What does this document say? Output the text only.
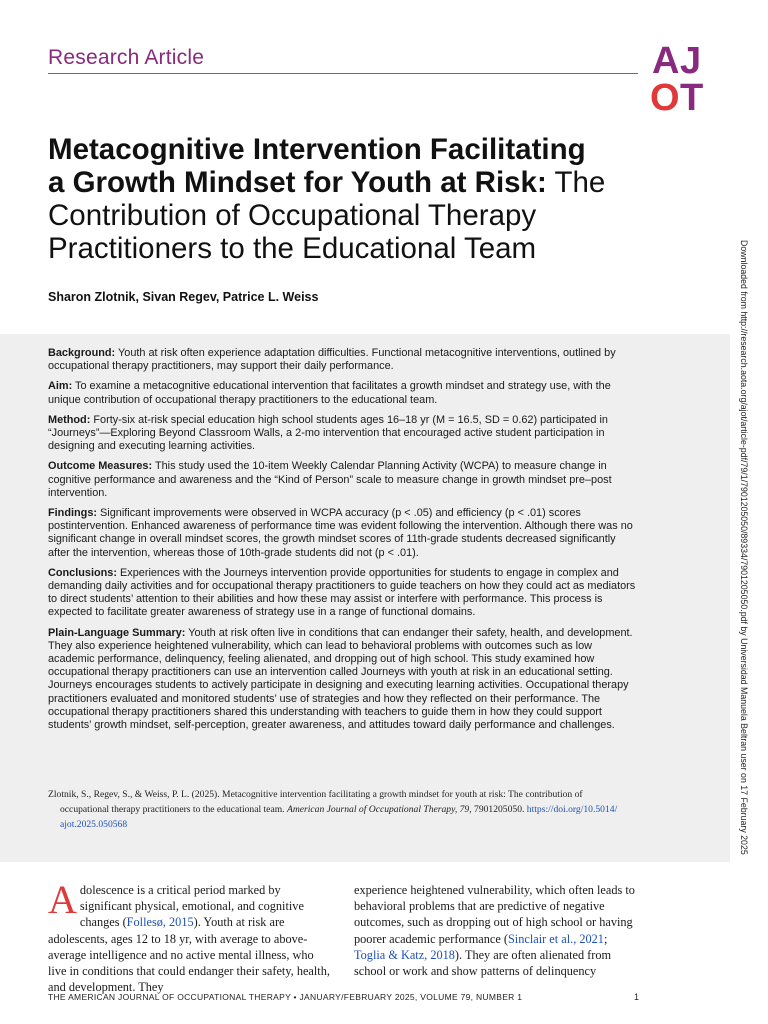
Research Article	A J
O T
Metacognitive Intervention Facilitating
a Growth Mindset for Youth at Risk: The
Contribution of Occupational Therapy
Practitioners to the Educational Team
Sharon Zlotnik, Sivan Regev, Patrice L. Weiss	Downloaded from http://research.aota.org/ajot/article-pdf/79/1/7901205050/89334/7901205050.pdf by Universidad Manuela Beltran user on 17 February 2025

Background: Youth at risk often experience adaptation difficulties. Functional metacognitive interventions, outlined by occupational therapy practitioners, may support their daily performance.

Aim: To examine a metacognitive educational intervention that facilitates a growth mindset and strategy use, with the unique contribution of occupational therapy practitioners to the educational team.

Method: Forty-six at-risk special education high school students ages 16–18 yr (M = 16.5, SD = 0.62) participated in “Journeys”—Exploring Beyond Classroom Walls, a 2-mo intervention that encouraged active student participation in designing and executing learning activities.

Outcome Measures: This study used the 10-item Weekly Calendar Planning Activity (WCPA) to measure change in cognitive performance and awareness and the “Kind of Person” scale to measure change in growth mindset pre–post intervention.

Findings: Significant improvements were observed in WCPA accuracy (p < .05) and efficiency (p < .01) scores postintervention. Enhanced awareness of performance time was evident following the intervention. Although there was no significant change in overall mindset scores, the growth mindset scores of 11th-grade students decreased significantly after the intervention, whereas those of 10th-grade students did not (p < .01).

Conclusions: Experiences with the Journeys intervention provide opportunities for students to engage in complex and demanding daily activities and for occupational therapy practitioners to guide teachers on how they could act as mediators to direct students’ attention to their abilities and how these may assist or interfere with performance. This process is expected to facilitate greater awareness of strategy use in a range of functional domains.

Plain-Language Summary: Youth at risk often live in conditions that can endanger their safety, health, and development. They also experience heightened vulnerability, which can lead to behavioral problems with outcomes such as low academic performance, delinquency, feeling alienated, and dropping out of high school. This study examined how occupational therapy practitioners can use an intervention called Journeys with youth at risk in an educational setting. Journeys encourages students to actively participate in designing and executing learning activities. Occupational therapy practitioners evaluated and monitored students’ use of strategies and how they reflected on their performance. The occupational therapy practitioners shared this understanding with teachers to guide them in how they could support students’ growth mindset, self-perception, greater awareness, and attitudes toward daily performance and challenges.

Zlotnik, S., Regev, S., & Weiss, P. L. (2025). Metacognitive intervention facilitating a growth mindset for youth at risk: The contribution of
occupational therapy practitioners to the educational team. American Journal of Occupational Therapy, 79, 7901205050. https://doi.org/10.5014/
ajot.2025.050568
Adolescence is a critical period marked by significant physical, emotional, and cognitive changes (Follesø, 2015). Youth at risk are adolescents, ages 12 to 18 yr, with average to above-average intelligence and no active mental illness, who live in conditions that could endanger their safety, health, and development. They
experience heightened vulnerability, which often leads to behavioral problems that are predictive of negative outcomes, such as dropping out of high school or having poorer academic performance (Sinclair et al., 2021; Toglia & Katz, 2018). They are often alienated from school or work and show patterns of delinquency
THE AMERICAN JOURNAL OF OCCUPATIONAL THERAPY • JANUARY/FEBRUARY 2025, VOLUME 79, NUMBER 1	1
